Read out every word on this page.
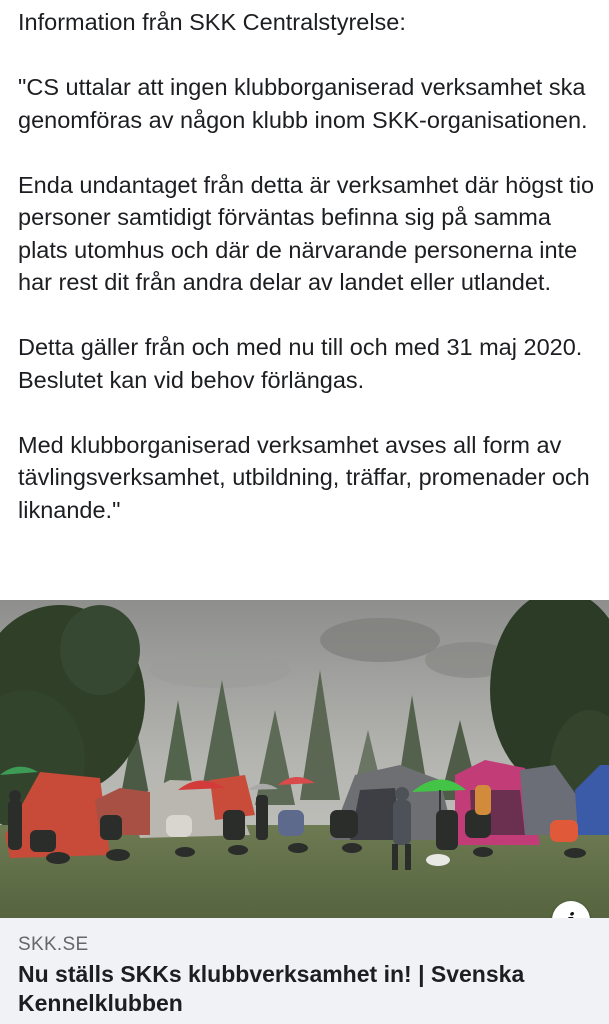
Information från SKK Centralstyrelse:

"CS uttalar att ingen klubborganiserad verksamhet ska genomföras av någon klubb inom SKK-organisationen.

Enda undantaget från detta är verksamhet där högst tio personer samtidigt förväntas befinna sig på samma plats utomhus och där de närvarande personerna inte har rest dit från andra delar av landet eller utlandet.

Detta gäller från och med nu till och med 31 maj 2020. Beslutet kan vid behov förlängas.

Med klubborganiserad verksamhet avses all form av tävlingsverksamhet, utbildning, träffar, promenader och liknande."

SKK.SE
Nu ställs SKKs klubbverksamhet in! | Svenska Kennelklubben
